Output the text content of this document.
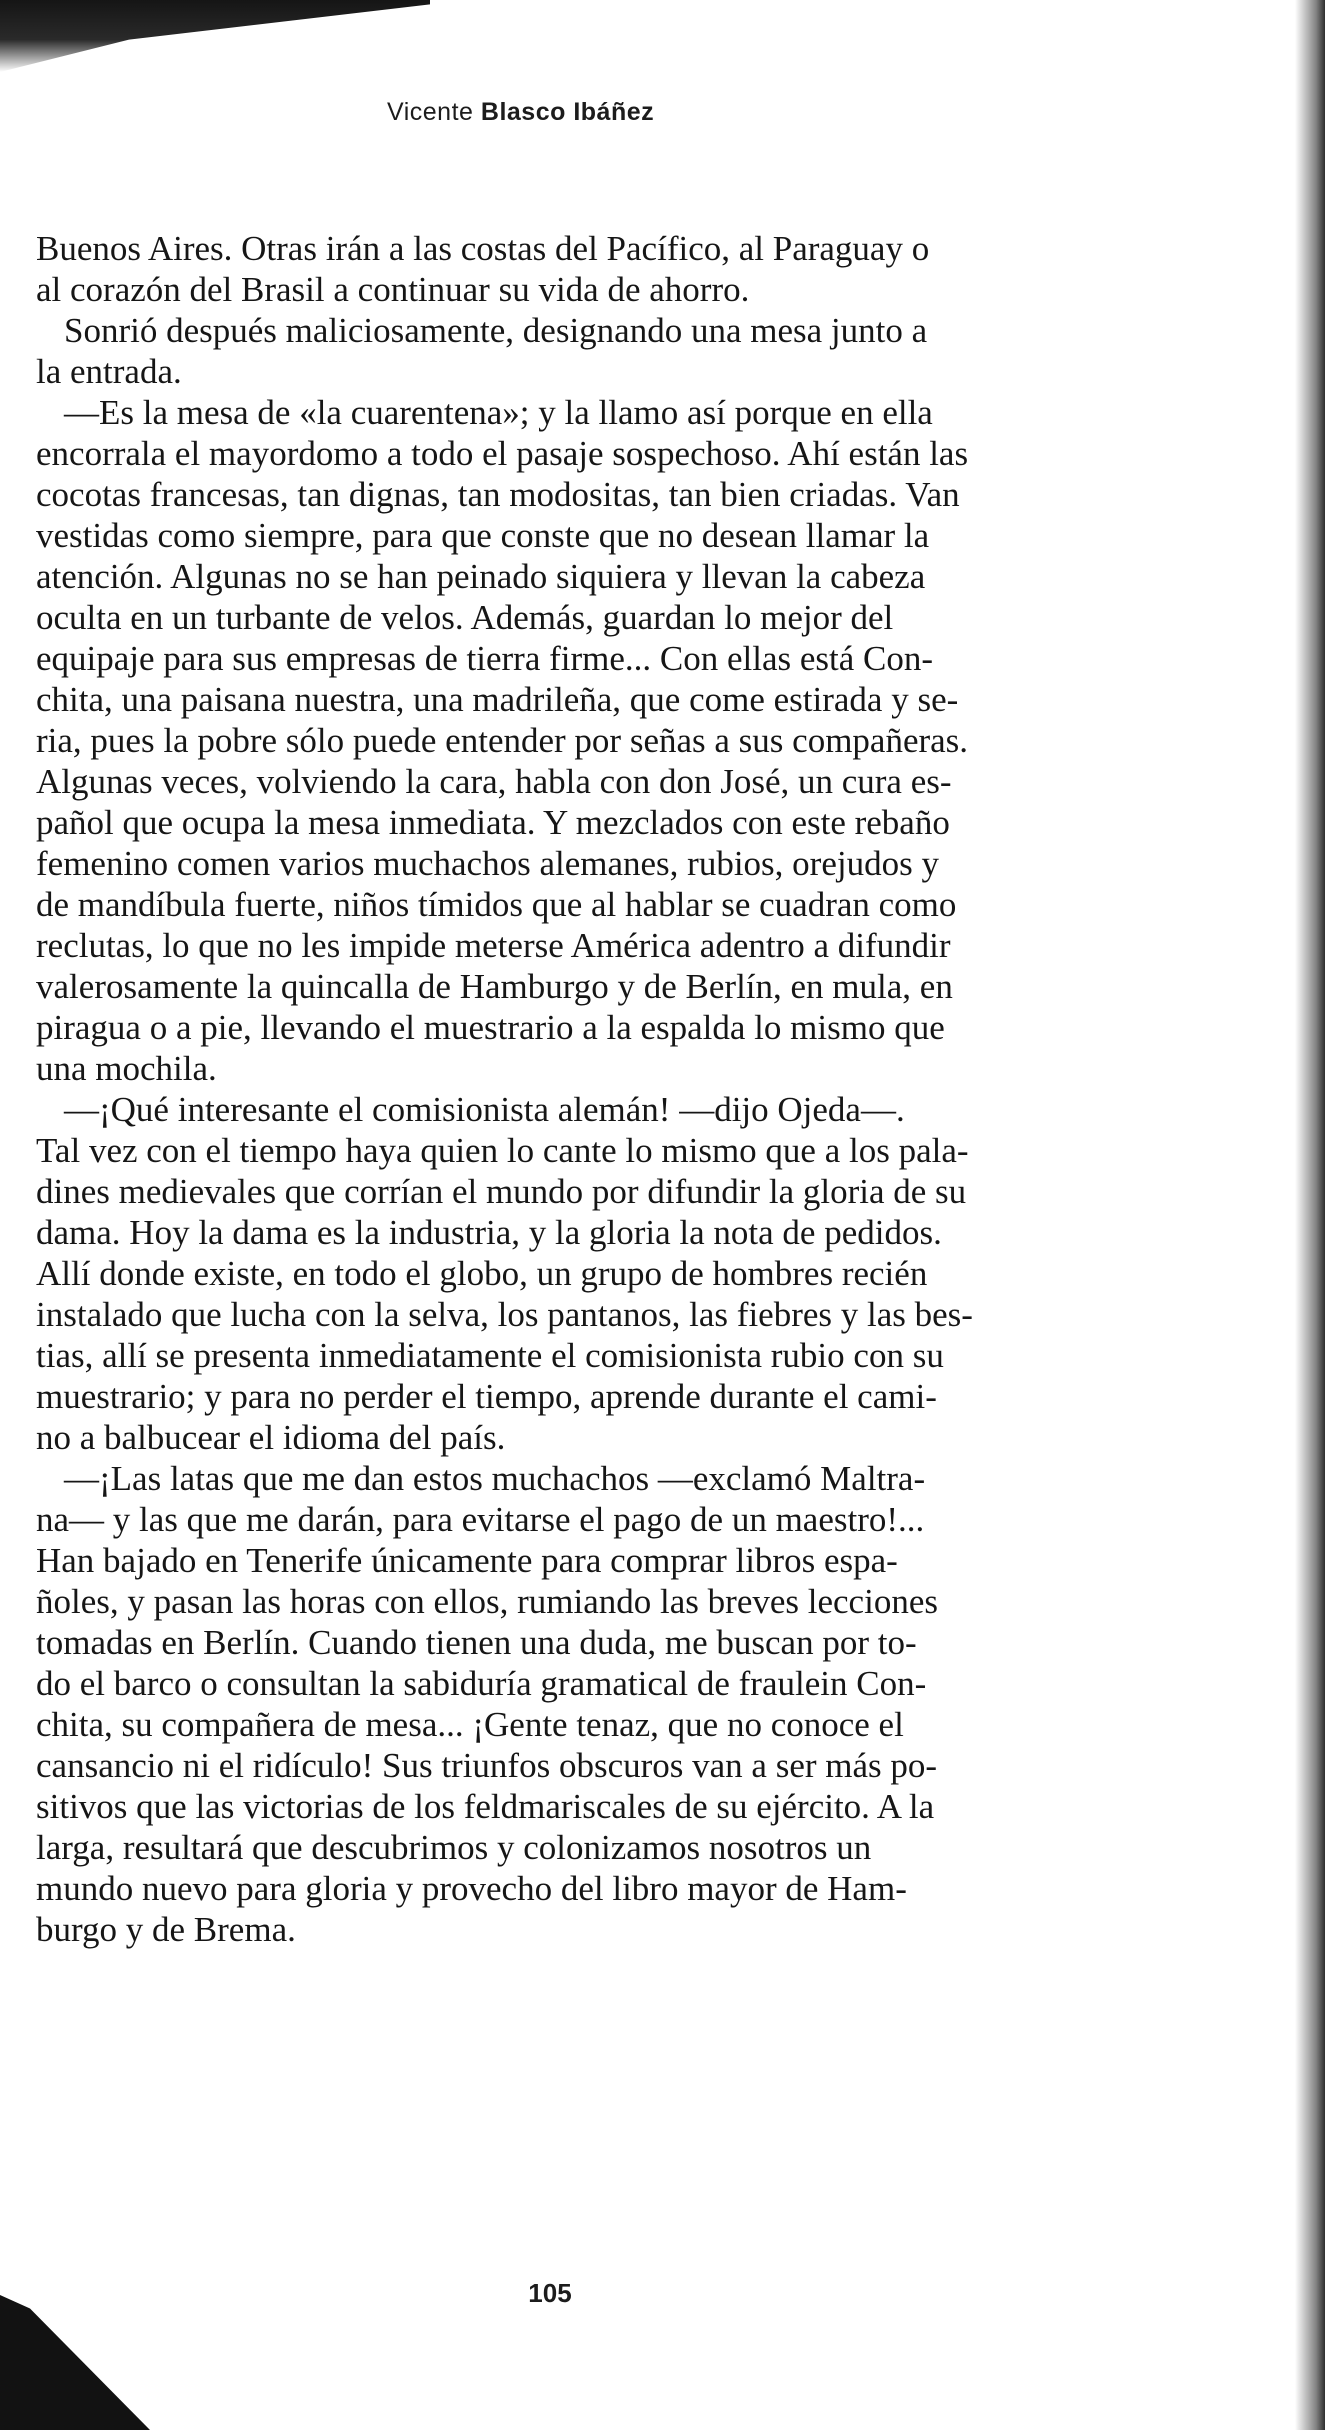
Vicente Blasco Ibáñez
Buenos Aires. Otras irán a las costas del Pacífico, al Paraguay o
al corazón del Brasil a continuar su vida de ahorro.
Sonrió después maliciosamente, designando una mesa junto a
la entrada.
—Es la mesa de «la cuarentena»; y la llamo así porque en ella
encorrala el mayordomo a todo el pasaje sospechoso. Ahí están las
cocotas francesas, tan dignas, tan modositas, tan bien criadas. Van
vestidas como siempre, para que conste que no desean llamar la
atención. Algunas no se han peinado siquiera y llevan la cabeza
oculta en un turbante de velos. Además, guardan lo mejor del
equipaje para sus empresas de tierra firme... Con ellas está Con-
chita, una paisana nuestra, una madrileña, que come estirada y se-
ria, pues la pobre sólo puede entender por señas a sus compañeras.
Algunas veces, volviendo la cara, habla con don José, un cura es-
pañol que ocupa la mesa inmediata. Y mezclados con este rebaño
femenino comen varios muchachos alemanes, rubios, orejudos y
de mandíbula fuerte, niños tímidos que al hablar se cuadran como
reclutas, lo que no les impide meterse América adentro a difundir
valerosamente la quincalla de Hamburgo y de Berlín, en mula, en
piragua o a pie, llevando el muestrario a la espalda lo mismo que
una mochila.
—¡Qué interesante el comisionista alemán! —dijo Ojeda—.
Tal vez con el tiempo haya quien lo cante lo mismo que a los pala-
dines medievales que corrían el mundo por difundir la gloria de su
dama. Hoy la dama es la industria, y la gloria la nota de pedidos.
Allí donde existe, en todo el globo, un grupo de hombres recién
instalado que lucha con la selva, los pantanos, las fiebres y las bes-
tias, allí se presenta inmediatamente el comisionista rubio con su
muestrario; y para no perder el tiempo, aprende durante el cami-
no a balbucear el idioma del país.
—¡Las latas que me dan estos muchachos —exclamó Maltra-
na— y las que me darán, para evitarse el pago de un maestro!...
Han bajado en Tenerife únicamente para comprar libros espa-
ñoles, y pasan las horas con ellos, rumiando las breves lecciones
tomadas en Berlín. Cuando tienen una duda, me buscan por to-
do el barco o consultan la sabiduría gramatical de fraulein Con-
chita, su compañera de mesa... ¡Gente tenaz, que no conoce el
cansancio ni el ridículo! Sus triunfos obscuros van a ser más po-
sitivos que las victorias de los feldmariscales de su ejército. A la
larga, resultará que descubrimos y colonizamos nosotros un
mundo nuevo para gloria y provecho del libro mayor de Ham-
burgo y de Brema.
105
